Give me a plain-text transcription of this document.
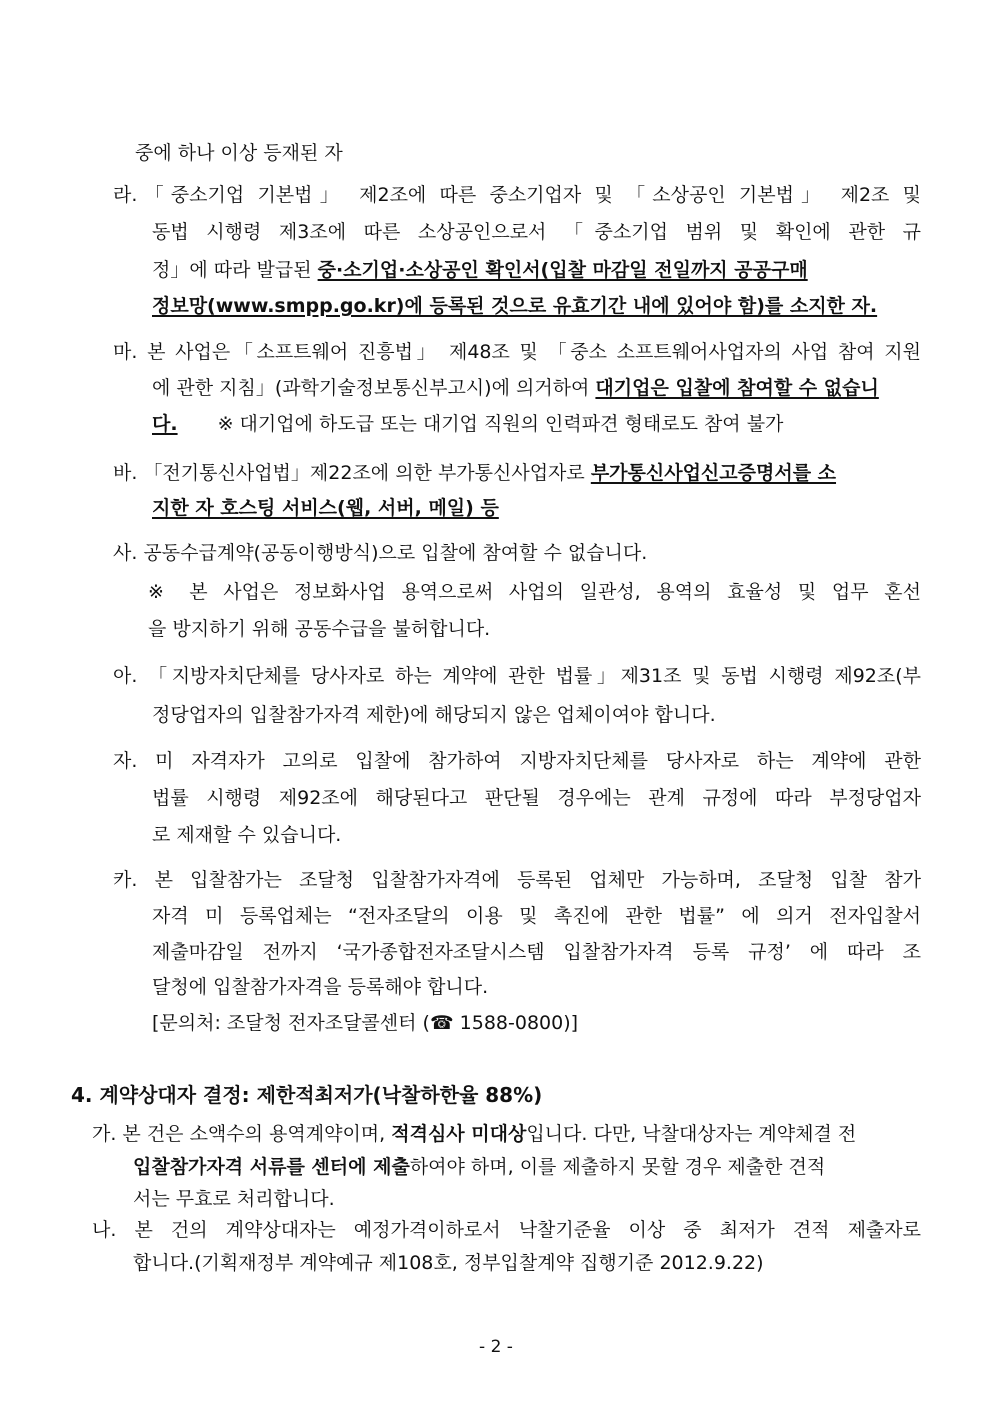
중에 하나 이상 등재된 자
라.「중소기업 기본법」 제2조에 따른 중소기업자 및 「소상공인 기본법」 제2조 및
동법 시행령 제3조에 따른 소상공인으로서 「중소기업 범위 및 확인에 관한 규
정」에 따라 발급된 중·소기업·소상공인 확인서(입찰 마감일 전일까지 공공구매
정보망(www.smpp.go.kr)에 등록된 것으로 유효기간 내에 있어야 함)를 소지한 자.
마. 본 사업은「소프트웨어 진흥법」 제48조 및 「중소 소프트웨어사업자의 사업 참여 지원
에 관한 지침」(과학기술정보통신부고시)에 의거하여 대기업은 입찰에 참여할 수 없습니
다. ※ 대기업에 하도급 또는 대기업 직원의 인력파견 형태로도 참여 불가
바. 「전기통신사업법」제22조에 의한 부가통신사업자로 부가통신사업신고증명서를 소
지한 자 호스팅 서비스(웹, 서버, 메일) 등
사. 공동수급계약(공동이행방식)으로 입찰에 참여할 수 없습니다.
※ 본 사업은 정보화사업 용역으로써 사업의 일관성, 용역의 효율성 및 업무 혼선
을 방지하기 위해 공동수급을 불허합니다.
아. 「지방자치단체를 당사자로 하는 계약에 관한 법률」제31조 및 동법 시행령 제92조(부
정당업자의 입찰참가자격 제한)에 해당되지 않은 업체이여야 합니다.
자. 미 자격자가 고의로 입찰에 참가하여 지방자치단체를 당사자로 하는 계약에 관한
법률 시행령 제92조에 해당된다고 판단될 경우에는 관계 규정에 따라 부정당업자
로 제재할 수 있습니다.
카. 본 입찰참가는 조달청 입찰참가자격에 등록된 업체만 가능하며, 조달청 입찰 참가
자격 미 등록업체는 “전자조달의 이용 및 촉진에 관한 법률” 에 의거 전자입찰서
제출마감일 전까지 ‘국가종합전자조달시스템 입찰참가자격 등록 규정’ 에 따라 조
달청에 입찰참가자격을 등록해야 합니다.
[문의처: 조달청 전자조달콜센터 (☎ 1588-0800)]
4. 계약상대자 결정: 제한적최저가(낙찰하한율 88%)
가. 본 건은 소액수의 용역계약이며, 적격심사 미대상입니다. 다만, 낙찰대상자는 계약체결 전
입찰참가자격 서류를 센터에 제출하여야 하며, 이를 제출하지 못할 경우 제출한 견적
서는 무효로 처리합니다.
나. 본 건의 계약상대자는 예정가격이하로서 낙찰기준율 이상 중 최저가 견적 제출자로
합니다.(기획재정부 계약예규 제108호, 정부입찰계약 집행기준 2012.9.22)
- 2 -
